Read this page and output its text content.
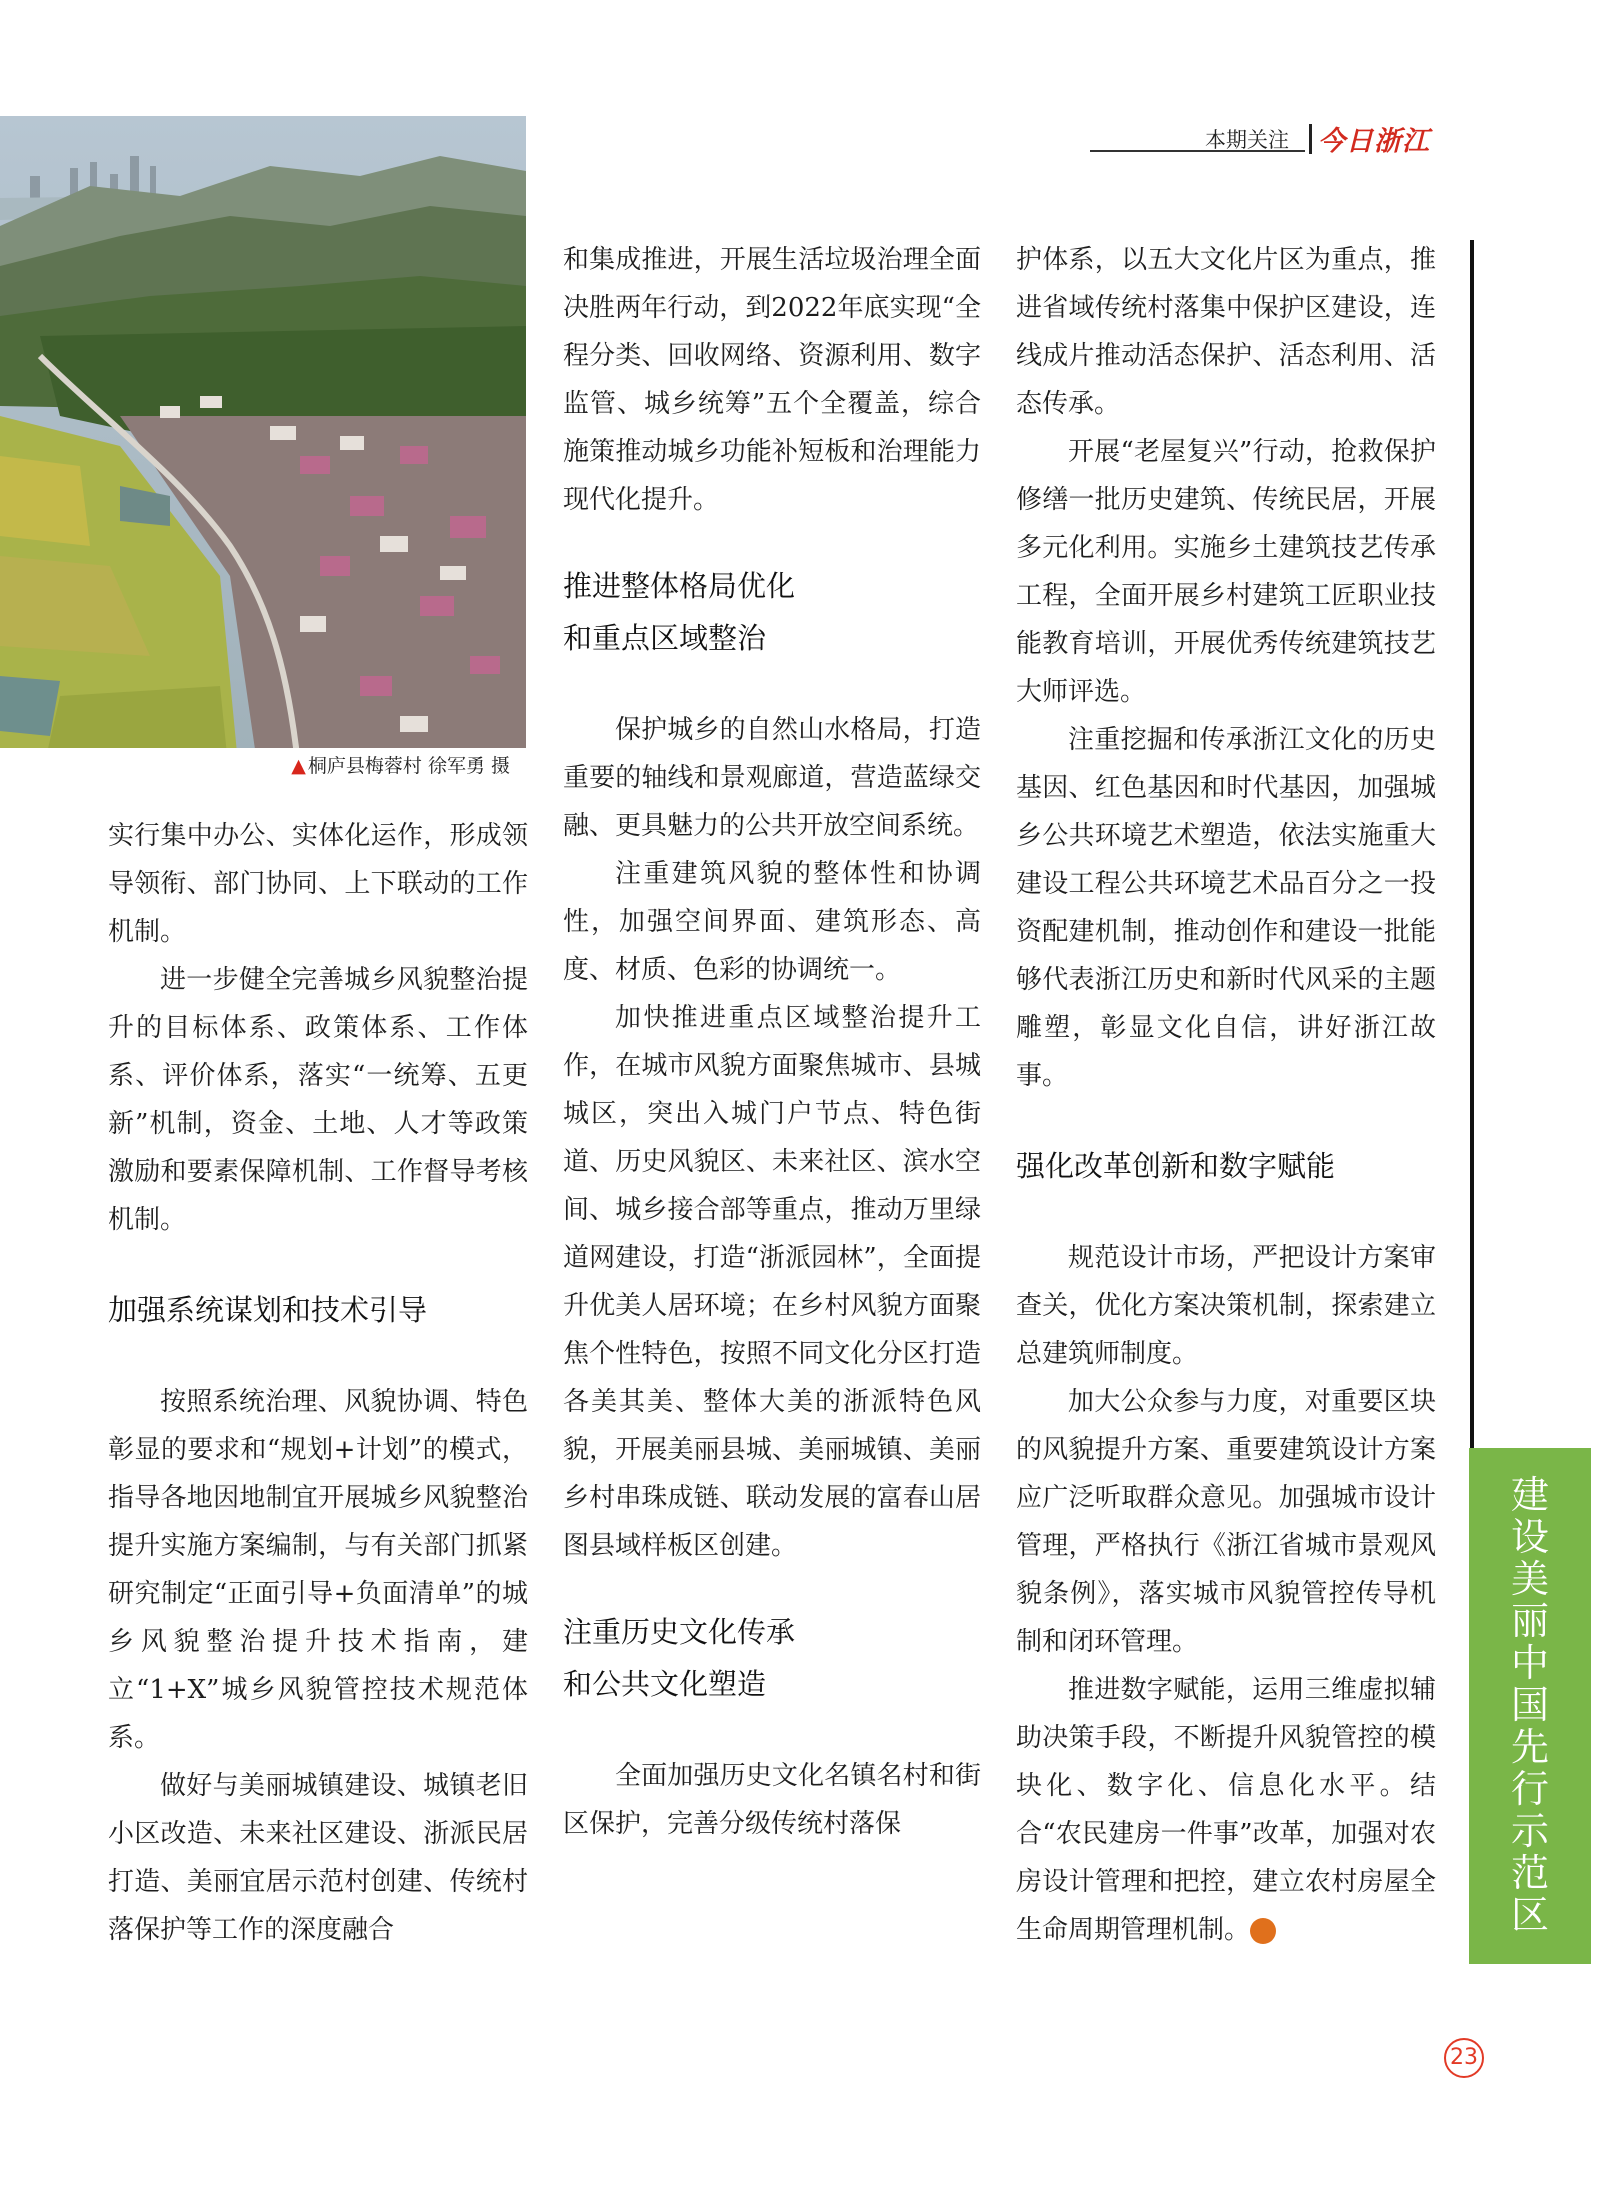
本期关注 今日浙江
▲ 桐庐县梅蓉村 徐军勇 摄

实行集中办公、实体化运作，形成领导领衔、部门协同、上下联动的工作机制。

进一步健全完善城乡风貌整治提升的目标体系、政策体系、工作体系、评价体系，落实“一统筹、五更新”机制，资金、土地、人才等政策激励和要素保障机制、工作督导考核机制。

加强系统谋划和技术引导

按照系统治理、风貌协调、特色彰显的要求和“规划+计划”的模式，指导各地因地制宜开展城乡风貌整治提升实施方案编制，与有关部门抓紧研究制定“正面引导+负面清单”的城乡风貌整治提升技术指南，建立“1+X”城乡风貌管控技术规范体系。

做好与美丽城镇建设、城镇老旧小区改造、未来社区建设、浙派民居打造、美丽宜居示范村创建、传统村落保护等工作的深度融合

和集成推进，开展生活垃圾治理全面决胜两年行动，到2022年底实现“全程分类、回收网络、资源利用、数字监管、城乡统筹”五个全覆盖，综合施策推动城乡功能补短板和治理能力现代化提升。

推进整体格局优化
和重点区域整治

保护城乡的自然山水格局，打造重要的轴线和景观廊道，营造蓝绿交融、更具魅力的公共开放空间系统。

注重建筑风貌的整体性和协调性，加强空间界面、建筑形态、高度、材质、色彩的协调统一。

加快推进重点区域整治提升工作，在城市风貌方面聚焦城市、县城城区，突出入城门户节点、特色街道、历史风貌区、未来社区、滨水空间、城乡接合部等重点，推动万里绿道网建设，打造“浙派园林”，全面提升优美人居环境；在乡村风貌方面聚焦个性特色，按照不同文化分区打造各美其美、整体大美的浙派特色风貌，开展美丽县城、美丽城镇、美丽乡村串珠成链、联动发展的富春山居图县域样板区创建。

注重历史文化传承
和公共文化塑造

全面加强历史文化名镇名村和街区保护，完善分级传统村落保

护体系，以五大文化片区为重点，推进省域传统村落集中保护区建设，连线成片推动活态保护、活态利用、活态传承。

开展“老屋复兴”行动，抢救保护修缮一批历史建筑、传统民居，开展多元化利用。实施乡土建筑技艺传承工程，全面开展乡村建筑工匠职业技能教育培训，开展优秀传统建筑技艺大师评选。

注重挖掘和传承浙江文化的历史基因、红色基因和时代基因，加强城乡公共环境艺术塑造，依法实施重大建设工程公共环境艺术品百分之一投资配建机制，推动创作和建设一批能够代表浙江历史和新时代风采的主题雕塑，彰显文化自信，讲好浙江故事。

强化改革创新和数字赋能

规范设计市场，严把设计方案审查关，优化方案决策机制，探索建立总建筑师制度。

加大公众参与力度，对重要区块的风貌提升方案、重要建筑设计方案应广泛听取群众意见。加强城市设计管理，严格执行《浙江省城市景观风貌条例》，落实城市风貌管控传导机制和闭环管理。

推进数字赋能，运用三维虚拟辅助决策手段，不断提升风貌管控的模块化、数字化、信息化水平。结合“农民建房一件事”改革，加强对农房设计管理和把控，建立农村房屋全生命周期管理机制。	今

建
设
美
丽
中
国
先
行
示
范
区
23
